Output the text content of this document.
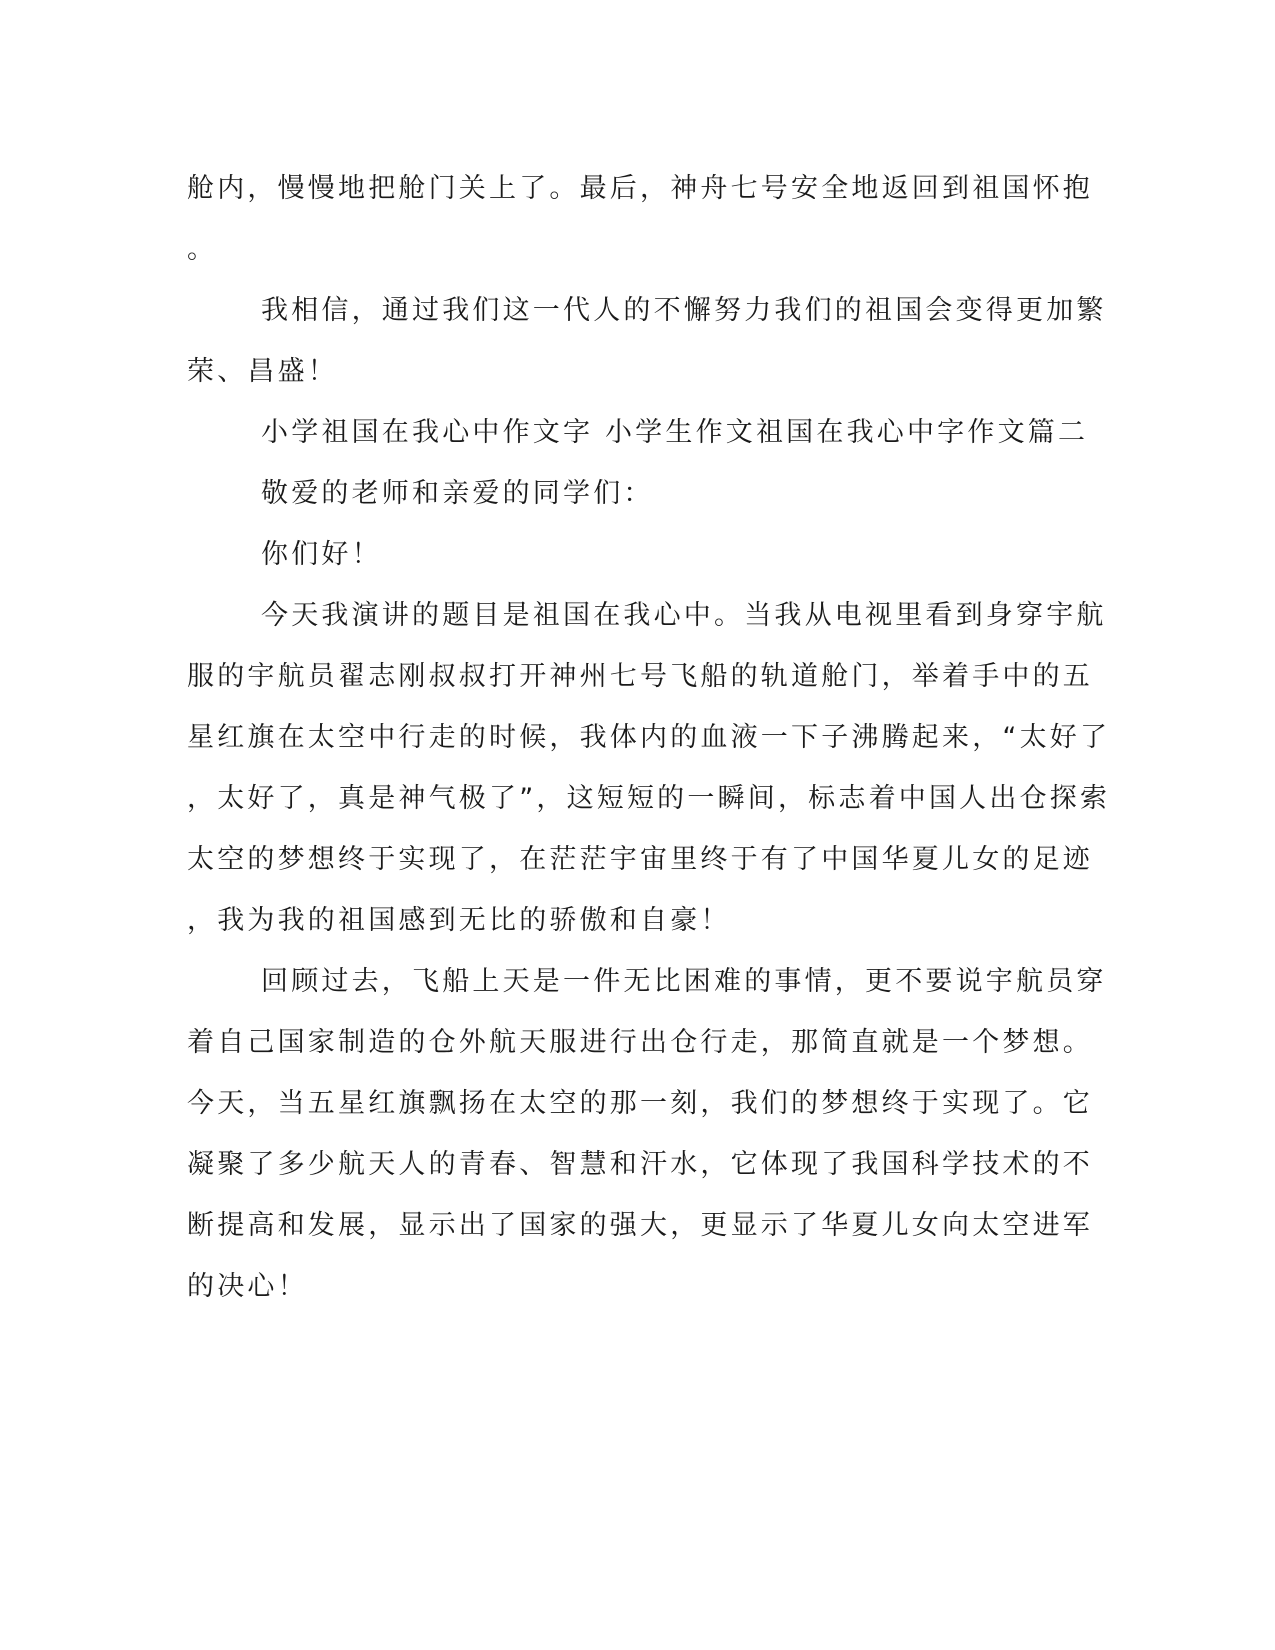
舱内，慢慢地把舱门关上了。最后，神舟七号安全地返回到祖国怀抱
。
我相信，通过我们这一代人的不懈努力我们的祖国会变得更加繁
荣、昌盛！
小学祖国在我心中作文字 小学生作文祖国在我心中字作文篇二
敬爱的老师和亲爱的同学们：
你们好！
今天我演讲的题目是祖国在我心中。当我从电视里看到身穿宇航
服的宇航员翟志刚叔叔打开神州七号飞船的轨道舱门，举着手中的五
星红旗在太空中行走的时候，我体内的血液一下子沸腾起来，“太好了
，太好了，真是神气极了”，这短短的一瞬间，标志着中国人出仓探索
太空的梦想终于实现了，在茫茫宇宙里终于有了中国华夏儿女的足迹
，我为我的祖国感到无比的骄傲和自豪！
回顾过去，飞船上天是一件无比困难的事情，更不要说宇航员穿
着自己国家制造的仓外航天服进行出仓行走，那简直就是一个梦想。
今天，当五星红旗飘扬在太空的那一刻，我们的梦想终于实现了。它
凝聚了多少航天人的青春、智慧和汗水，它体现了我国科学技术的不
断提高和发展，显示出了国家的强大，更显示了华夏儿女向太空进军
的决心！
